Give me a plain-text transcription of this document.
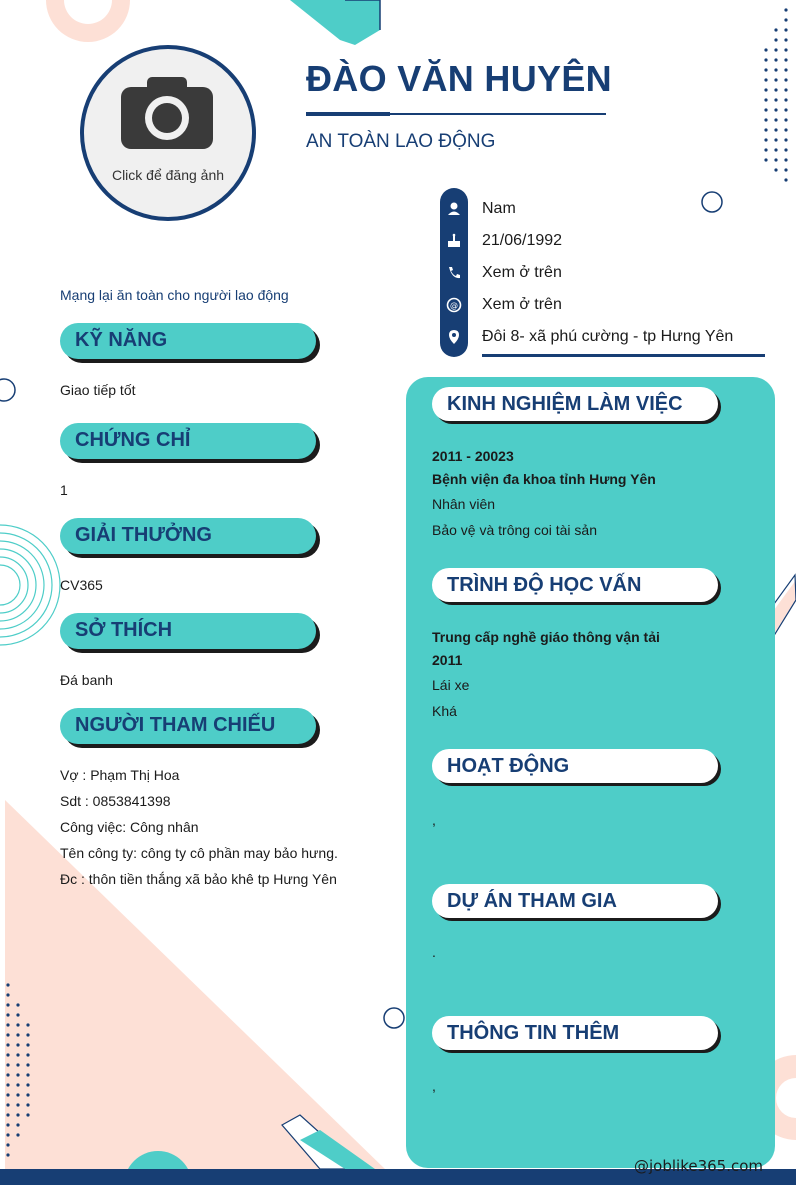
Click để đăng ảnh
ĐÀO VĂN HUYÊN
AN TOÀN LAO ĐỘNG
@
Nam
21/06/1992
Xem ở trên
Xem ở trên
Đôi 8- xã phú cường - tp Hưng Yên
Mạng lại ăn toàn cho người lao động
KỸ NĂNG
Giao tiếp tốt
CHỨNG CHỈ
1
GIẢI THƯỞNG
CV365
SỞ THÍCH
Đá banh
NGƯỜI THAM CHIẾU
Vợ : Phạm Thị Hoa
Sdt : 0853841398
Công việc: Công nhân
Tên công ty: công ty cô phần may bảo hưng.
Đc : thôn tiền thắng xã bảo khê tp Hưng Yên
KINH NGHIỆM LÀM VIỆC
2011 - 20023
Bệnh viện đa khoa tỉnh Hưng Yên
Nhân viên
Bảo vệ và trông coi tài sản
TRÌNH ĐỘ HỌC VẤN
Trung cấp nghề giáo thông vận tải
2011
Lái xe
Khá
HOẠT ĐỘNG
,
DỰ ÁN THAM GIA
.
THÔNG TIN THÊM
,
@joblike365.com
